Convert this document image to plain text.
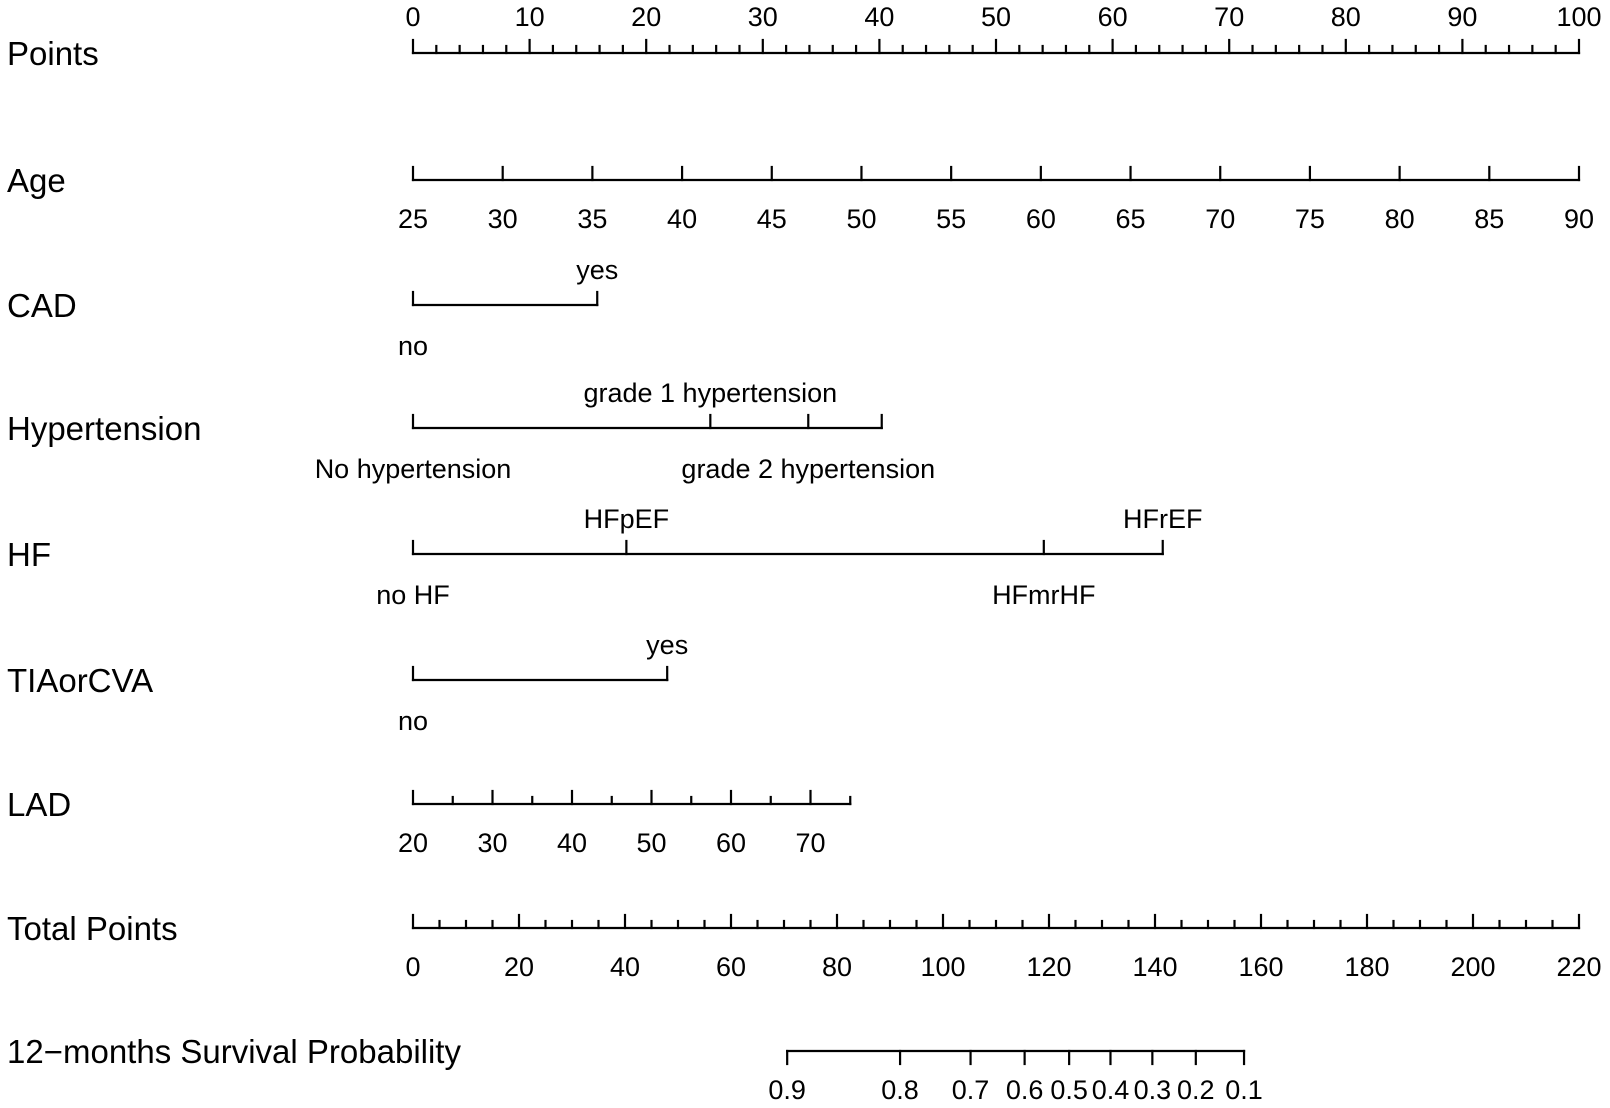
Points
0	10	20	30	40	50	60	70	80	90	100
Age
25 30 35 40 45 50 55 60 65 70 75 80 85 90
CAD
no
yes
Hypertension
No hypertension
grade 1 hypertension
grade 2 hypertension
HF
no HF
HFpEF
HFmrHF
HFrEF
TIAorCVA
no
yes
LAD
20 30 40 50 60 70
Total Points
0	20	40	60	80	100 120 140 160 180 200 220
12−months Survival Probability
0.9	0.8 0.7 0.6 0.5 0.4 0.3 0.2 0.1
